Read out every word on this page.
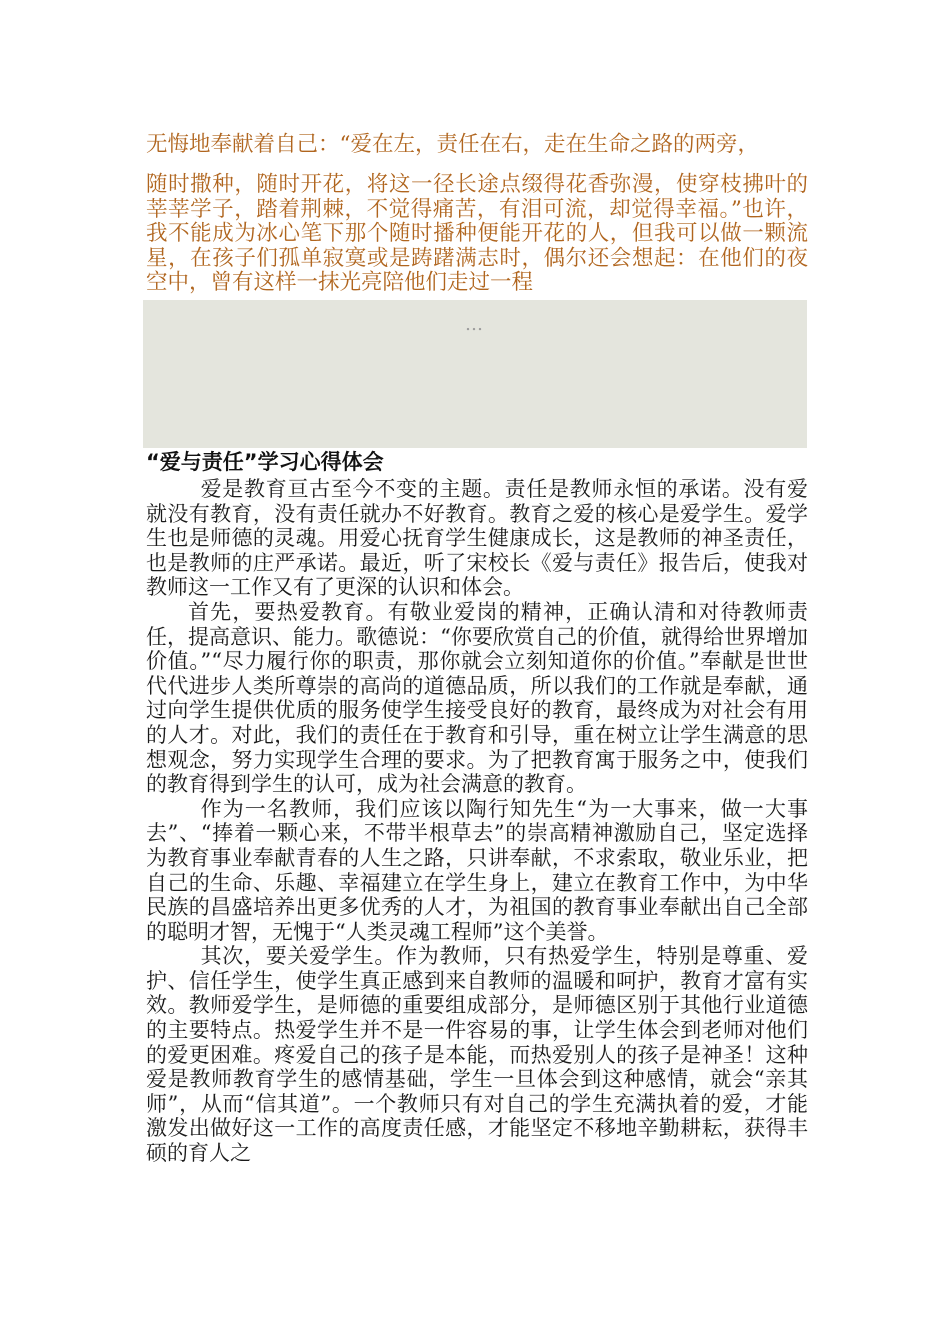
无悔地奉献着自己：“爱在左，责任在右，走在生命之路的两旁，

随时撒种，随时开花，将这一径长途点缀得花香弥漫，使穿枝拂叶的莘莘学子，踏着荆棘，不觉得痛苦，有泪可流，却觉得幸福。”也许，我不能成为冰心笔下那个随时播种便能开花的人，但我可以做一颗流星，在孩子们孤单寂寞或是踌躇满志时，偶尔还会想起：在他们的夜空中，曾有这样一抹光亮陪他们走过一程

…
“爱与责任”学习心得体会

爱是教育亘古至今不变的主题。责任是教师永恒的承诺。没有爱就没有教育，没有责任就办不好教育。教育之爱的核心是爱学生。爱学生也是师德的灵魂。用爱心抚育学生健康成长，这是教师的神圣责任，也是教师的庄严承诺。最近，听了宋校长《爱与责任》报告后，使我对教师这一工作又有了更深的认识和体会。

首先，要热爱教育。有敬业爱岗的精神，正确认清和对待教师责任，提高意识、能力。歌德说：“你要欣赏自己的价值，就得给世界增加价值。”“尽力履行你的职责，那你就会立刻知道你的价值。”奉献是世世代代进步人类所尊崇的高尚的道德品质，所以我们的工作就是奉献，通过向学生提供优质的服务使学生接受良好的教育，最终成为对社会有用的人才。对此，我们的责任在于教育和引导，重在树立让学生满意的思想观念，努力实现学生合理的要求。为了把教育寓于服务之中，使我们的教育得到学生的认可，成为社会满意的教育。

作为一名教师，我们应该以陶行知先生“为一大事来，做一大事去”、“捧着一颗心来，不带半根草去”的崇高精神激励自己，坚定选择为教育事业奉献青春的人生之路，只讲奉献，不求索取，敬业乐业，把自己的生命、乐趣、幸福建立在学生身上，建立在教育工作中，为中华民族的昌盛培养出更多优秀的人才，为祖国的教育事业奉献出自己全部的聪明才智，无愧于“人类灵魂工程师”这个美誉。

其次，要关爱学生。作为教师，只有热爱学生，特别是尊重、爱护、信任学生，使学生真正感到来自教师的温暖和呵护，教育才富有实效。教师爱学生，是师德的重要组成部分，是师德区别于其他行业道德的主要特点。热爱学生并不是一件容易的事，让学生体会到老师对他们的爱更困难。疼爱自己的孩子是本能，而热爱别人的孩子是神圣！这种爱是教师教育学生的感情基础，学生一旦体会到这种感情，就会“亲其师”，从而“信其道”。一个教师只有对自己的学生充满执着的爱，才能激发出做好这一工作的高度责任感，才能坚定不移地辛勤耕耘，获得丰硕的育人之
